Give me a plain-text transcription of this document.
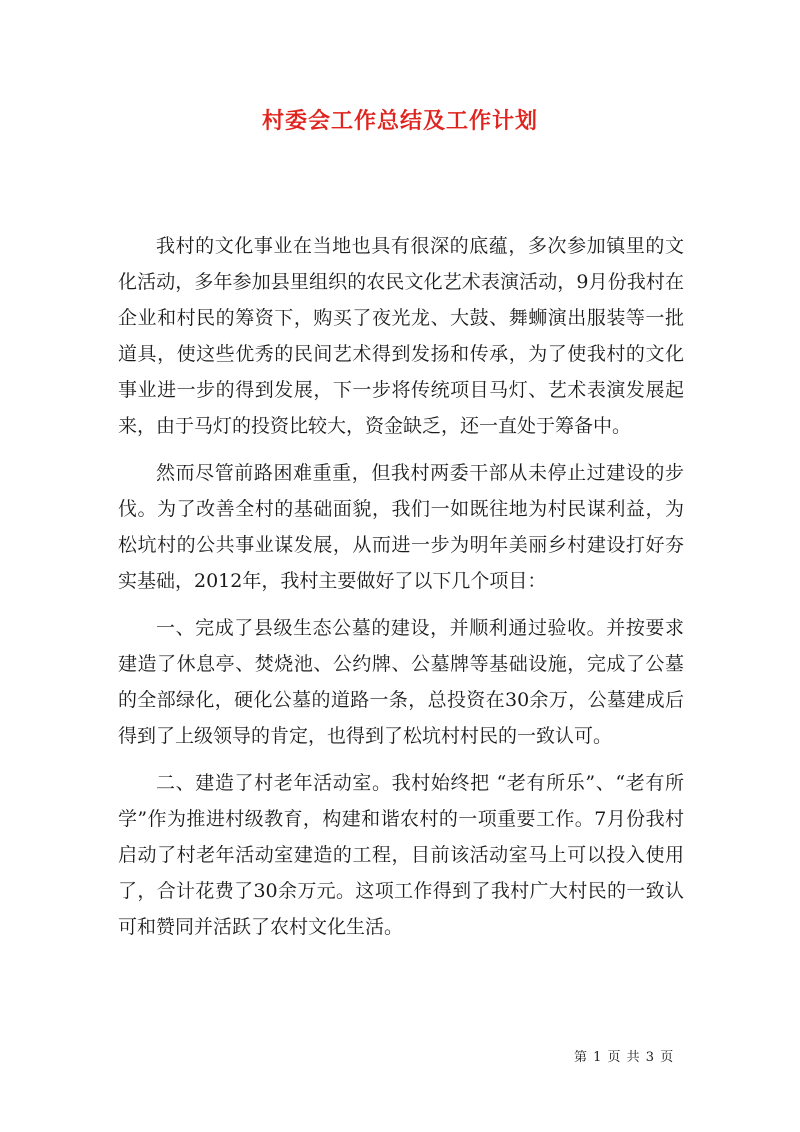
村委会工作总结及工作计划

我村的文化事业在当地也具有很深的底蕴，多次参加镇里的文化活动，多年参加县里组织的农民文化艺术表演活动，9月份我村在企业和村民的筹资下，购买了夜光龙、大鼓、舞蛳演出服装等一批道具，使这些优秀的民间艺术得到发扬和传承，为了使我村的文化事业进一步的得到发展，下一步将传统项目马灯、艺术表演发展起来，由于马灯的投资比较大，资金缺乏，还一直处于筹备中。

然而尽管前路困难重重，但我村两委干部从未停止过建设的步伐。为了改善全村的基础面貌，我们一如既往地为村民谋利益，为松坑村的公共事业谋发展，从而进一步为明年美丽乡村建设打好夯实基础，2012年，我村主要做好了以下几个项目：

一、完成了县级生态公墓的建设，并顺利通过验收。并按要求建造了休息亭、焚烧池、公约牌、公墓牌等基础设施，完成了公墓的全部绿化，硬化公墓的道路一条，总投资在30余万，公墓建成后得到了上级领导的肯定，也得到了松坑村村民的一致认可。

二、建造了村老年活动室。我村始终把 “老有所乐”、“老有所学”作为推进村级教育，构建和谐农村的一项重要工作。7月份我村启动了村老年活动室建造的工程，目前该活动室马上可以投入使用了，合计花费了30余万元。这项工作得到了我村广大村民的一致认可和赞同并活跃了农村文化生活。

第 1 页 共 3 页
